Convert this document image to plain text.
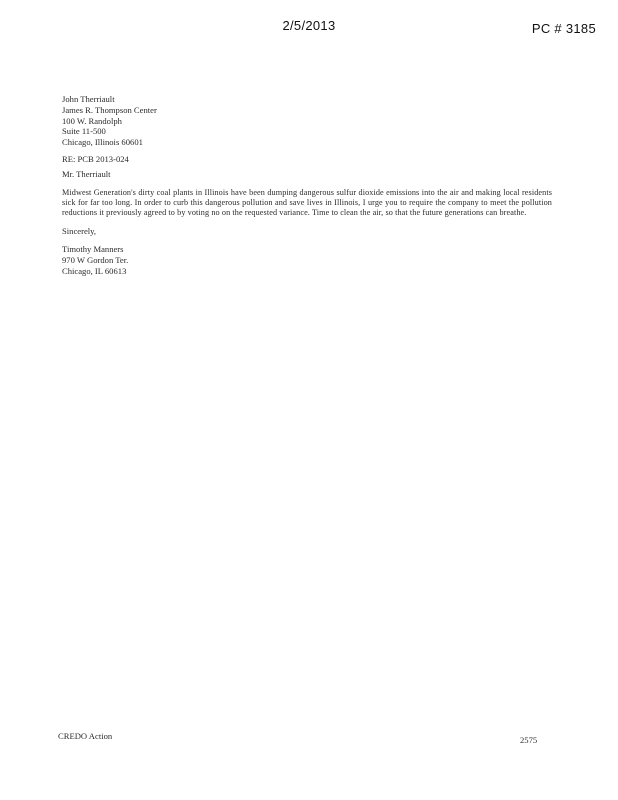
2/5/2013	PC # 3185
John Therriault
James R. Thompson Center
100 W. Randolph
Suite 11-500
Chicago, Illinois 60601
RE: PCB 2013-024
Mr. Therriault
Midwest Generation's dirty coal plants in Illinois have been dumping dangerous sulfur dioxide emissions into the air and making local residents sick for far too long. In order to curb this dangerous pollution and save lives in Illinois, I urge you to require the company to meet the pollution reductions it previously agreed to by voting no on the requested variance. Time to clean the air, so that the future generations can breathe.
Sincerely,
Timothy Manners
970 W Gordon Ter.
Chicago, IL 60613
CREDO Action	2575
